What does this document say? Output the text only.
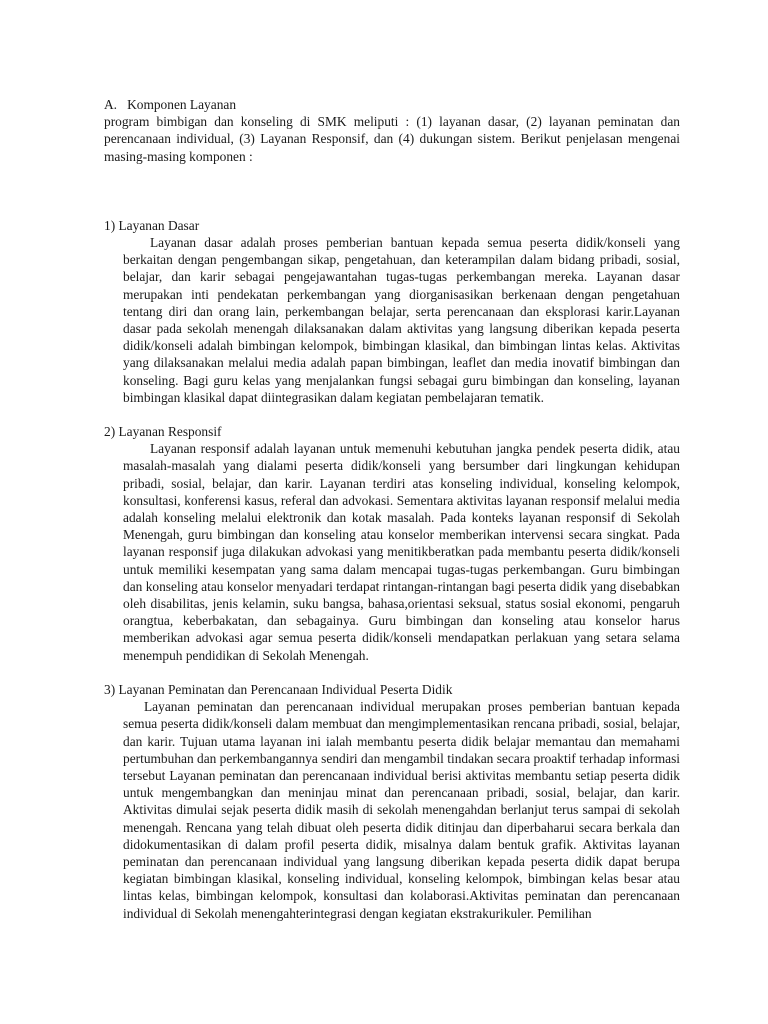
A. Komponen Layanan

program bimbigan dan konseling di SMK meliputi : (1) layanan dasar, (2) layanan peminatan dan perencanaan individual, (3) Layanan Responsif, dan (4) dukungan sistem. Berikut penjelasan mengenai masing-masing komponen :

1) Layanan Dasar

Layanan dasar adalah proses pemberian bantuan kepada semua peserta didik/konseli yang berkaitan dengan pengembangan sikap, pengetahuan, dan keterampilan dalam bidang pribadi, sosial, belajar, dan karir sebagai pengejawantahan tugas-tugas perkembangan mereka. Layanan dasar merupakan inti pendekatan perkembangan yang diorganisasikan berkenaan dengan pengetahuan tentang diri dan orang lain, perkembangan belajar, serta perencanaan dan eksplorasi karir.Layanan dasar pada sekolah menengah dilaksanakan dalam aktivitas yang langsung diberikan kepada peserta didik/konseli adalah bimbingan kelompok, bimbingan klasikal, dan bimbingan lintas kelas. Aktivitas yang dilaksanakan melalui media adalah papan bimbingan, leaflet dan media inovatif bimbingan dan konseling. Bagi guru kelas yang menjalankan fungsi sebagai guru bimbingan dan konseling, layanan bimbingan klasikal dapat diintegrasikan dalam kegiatan pembelajaran tematik.

2) Layanan Responsif

Layanan responsif adalah layanan untuk memenuhi kebutuhan jangka pendek peserta didik, atau masalah-masalah yang dialami peserta didik/konseli yang bersumber dari lingkungan kehidupan pribadi, sosial, belajar, dan karir. Layanan terdiri atas konseling individual, konseling kelompok, konsultasi, konferensi kasus, referal dan advokasi. Sementara aktivitas layanan responsif melalui media adalah konseling melalui elektronik dan kotak masalah. Pada konteks layanan responsif di Sekolah Menengah, guru bimbingan dan konseling atau konselor memberikan intervensi secara singkat. Pada layanan responsif juga dilakukan advokasi yang menitikberatkan pada membantu peserta didik/konseli untuk memiliki kesempatan yang sama dalam mencapai tugas-tugas perkembangan. Guru bimbingan dan konseling atau konselor menyadari terdapat rintangan-rintangan bagi peserta didik yang disebabkan oleh disabilitas, jenis kelamin, suku bangsa, bahasa,orientasi seksual, status sosial ekonomi, pengaruh orangtua, keberbakatan, dan sebagainya. Guru bimbingan dan konseling atau konselor harus memberikan advokasi agar semua peserta didik/konseli mendapatkan perlakuan yang setara selama menempuh pendidikan di Sekolah Menengah.

3) Layanan Peminatan dan Perencanaan Individual Peserta Didik

Layanan peminatan dan perencanaan individual merupakan proses pemberian bantuan kepada semua peserta didik/konseli dalam membuat dan mengimplementasikan rencana pribadi, sosial, belajar, dan karir. Tujuan utama layanan ini ialah membantu peserta didik belajar memantau dan memahami pertumbuhan dan perkembangannya sendiri dan mengambil tindakan secara proaktif terhadap informasi tersebut Layanan peminatan dan perencanaan individual berisi aktivitas membantu setiap peserta didik untuk mengembangkan dan meninjau minat dan perencanaan pribadi, sosial, belajar, dan karir. Aktivitas dimulai sejak peserta didik masih di sekolah menengahdan berlanjut terus sampai di sekolah menengah. Rencana yang telah dibuat oleh peserta didik ditinjau dan diperbaharui secara berkala dan didokumentasikan di dalam profil peserta didik, misalnya dalam bentuk grafik. Aktivitas layanan peminatan dan perencanaan individual yang langsung diberikan kepada peserta didik dapat berupa kegiatan bimbingan klasikal, konseling individual, konseling kelompok, bimbingan kelas besar atau lintas kelas, bimbingan kelompok, konsultasi dan kolaborasi.Aktivitas peminatan dan perencanaan individual di Sekolah menengahterintegrasi dengan kegiatan ekstrakurikuler. Pemilihan
